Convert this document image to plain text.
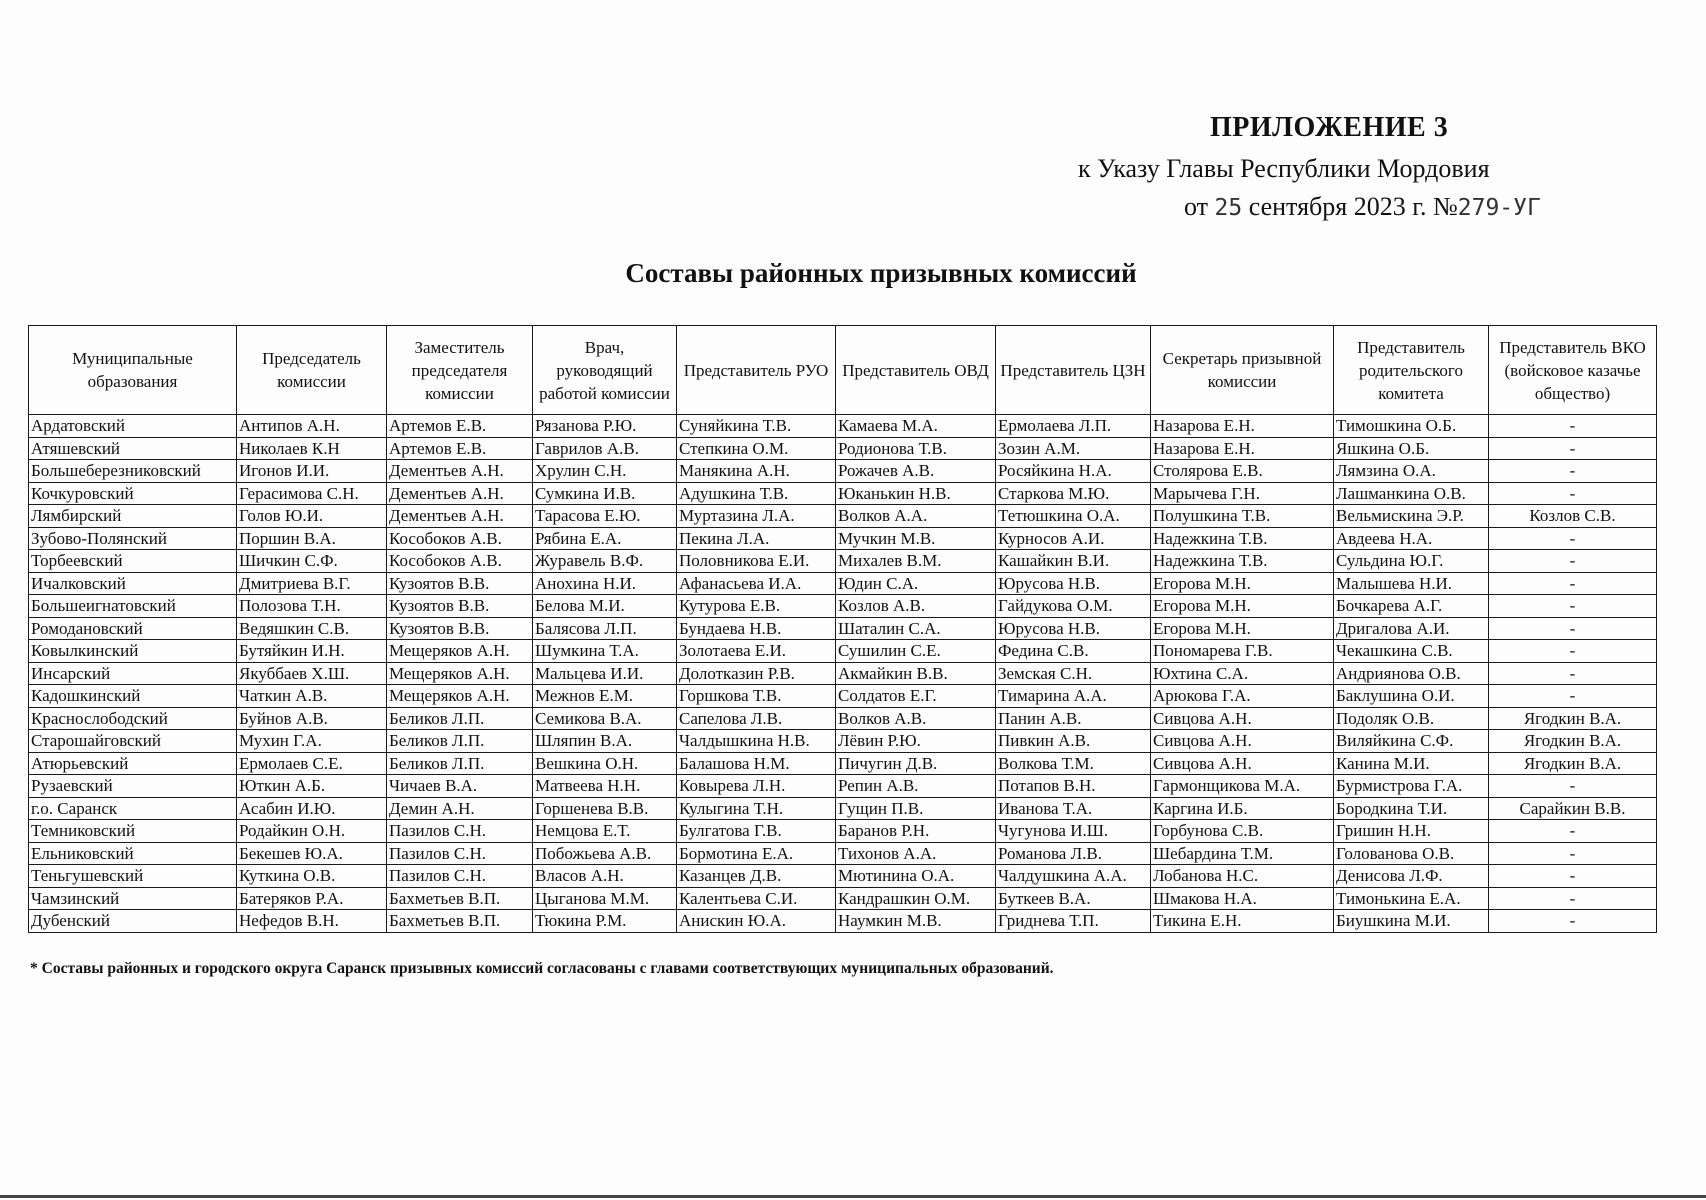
ПРИЛОЖЕНИЕ 3
к Указу Главы Республики Мордовия
от 25 сентября 2023 г. №279-УГ
Составы районных призывных комиссий
Муниципальные образования	Председатель комиссии	Заместитель председателя комиссии	Врач, руководящий работой комиссии	Представитель РУО	Представитель ОВД	Представитель ЦЗН	Секретарь призывной комиссии	Представитель родительского комитета	Представитель ВКО (войсковое казачье общество)
Ардатовский	Антипов А.Н.	Артемов Е.В.	Рязанова Р.Ю.	Суняйкина Т.В.	Камаева М.А.	Ермолаева Л.П.	Назарова Е.Н.	Тимошкина О.Б.	-
Атяшевский	Николаев К.Н	Артемов Е.В.	Гаврилов А.В.	Степкина О.М.	Родионова Т.В.	Зозин А.М.	Назарова Е.Н.	Яшкина О.Б.	-
Большеберезниковский	Игонов И.И.	Дементьев А.Н.	Хрулин С.Н.	Манякина А.Н.	Рожачев А.В.	Росяйкина Н.А.	Столярова Е.В.	Лямзина О.А.	-
Кочкуровский	Герасимова С.Н.	Дементьев А.Н.	Сумкина И.В.	Адушкина Т.В.	Юканькин Н.В.	Старкова М.Ю.	Марычева Г.Н.	Лашманкина О.В.	-
Лямбирский	Голов Ю.И.	Дементьев А.Н.	Тарасова Е.Ю.	Муртазина Л.А.	Волков А.А.	Тетюшкина О.А.	Полушкина Т.В.	Вельмискина Э.Р.	Козлов С.В.
Зубово-Полянский	Поршин В.А.	Кособоков А.В.	Рябина Е.А.	Пекина Л.А.	Мучкин М.В.	Курносов А.И.	Надежкина Т.В.	Авдеева Н.А.	-
Торбеевский	Шичкин С.Ф.	Кособоков А.В.	Журавель В.Ф.	Половникова Е.И.	Михалев В.М.	Кашайкин В.И.	Надежкина Т.В.	Сульдина Ю.Г.	-
Ичалковский	Дмитриева В.Г.	Кузоятов В.В.	Анохина Н.И.	Афанасьева И.А.	Юдин С.А.	Юрусова Н.В.	Егорова М.Н.	Малышева Н.И.	-
Большеигнатовский	Полозова Т.Н.	Кузоятов В.В.	Белова М.И.	Кутурова Е.В.	Козлов А.В.	Гайдукова О.М.	Егорова М.Н.	Бочкарева А.Г.	-
Ромодановский	Ведяшкин С.В.	Кузоятов В.В.	Балясова Л.П.	Бундаева Н.В.	Шаталин С.А.	Юрусова Н.В.	Егорова М.Н.	Дригалова А.И.	-
Ковылкинский	Бутяйкин И.Н.	Мещеряков А.Н.	Шумкина Т.А.	Золотаева Е.И.	Сушилин С.Е.	Федина С.В.	Пономарева Г.В.	Чекашкина С.В.	-
Инсарский	Якуббаев Х.Ш.	Мещеряков А.Н.	Мальцева И.И.	Долотказин Р.В.	Акмайкин В.В.	Земская С.Н.	Юхтина С.А.	Андриянова О.В.	-
Кадошкинский	Чаткин А.В.	Мещеряков А.Н.	Межнов Е.М.	Горшкова Т.В.	Солдатов Е.Г.	Тимарина А.А.	Арюкова Г.А.	Баклушина О.И.	-
Краснослободский	Буйнов А.В.	Беликов Л.П.	Семикова В.А.	Сапелова Л.В.	Волков А.В.	Панин А.В.	Сивцова А.Н.	Подоляк О.В.	Ягодкин В.А.
Старошайговский	Мухин Г.А.	Беликов Л.П.	Шляпин В.А.	Чалдышкина Н.В.	Лёвин Р.Ю.	Пивкин А.В.	Сивцова А.Н.	Виляйкина С.Ф.	Ягодкин В.А.
Атюрьевский	Ермолаев С.Е.	Беликов Л.П.	Вешкина О.Н.	Балашова Н.М.	Пичугин Д.В.	Волкова Т.М.	Сивцова А.Н.	Канина М.И.	Ягодкин В.А.
Рузаевский	Юткин А.Б.	Чичаев В.А.	Матвеева Н.Н.	Ковырева Л.Н.	Репин А.В.	Потапов В.Н.	Гармонщикова М.А.	Бурмистрова Г.А.	-
г.о. Саранск	Асабин И.Ю.	Демин А.Н.	Горшенева В.В.	Кулыгина Т.Н.	Гущин П.В.	Иванова Т.А.	Каргина И.Б.	Бородкина Т.И.	Сарайкин В.В.
Темниковский	Родайкин О.Н.	Пазилов С.Н.	Немцова Е.Т.	Булгатова Г.В.	Баранов Р.Н.	Чугунова И.Ш.	Горбунова С.В.	Гришин Н.Н.	-
Ельниковский	Бекешев Ю.А.	Пазилов С.Н.	Побожьева А.В.	Бормотина Е.А.	Тихонов А.А.	Романова Л.В.	Шебардина Т.М.	Голованова О.В.	-
Теньгушевский	Куткина О.В.	Пазилов С.Н.	Власов А.Н.	Казанцев Д.В.	Мютинина О.А.	Чалдушкина А.А.	Лобанова Н.С.	Денисова Л.Ф.	-
Чамзинский	Батеряков Р.А.	Бахметьев В.П.	Цыганова М.М.	Калентьева С.И.	Кандрашкин О.М.	Буткеев В.А.	Шмакова Н.А.	Тимонькина Е.А.	-
Дубенский	Нефедов В.Н.	Бахметьев В.П.	Тюкина Р.М.	Анискин Ю.А.	Наумкин М.В.	Гриднева Т.П.	Тикина Е.Н.	Биушкина М.И.	-
* Составы районных и городского округа Саранск призывных комиссий согласованы с главами соответствующих муниципальных образований.
